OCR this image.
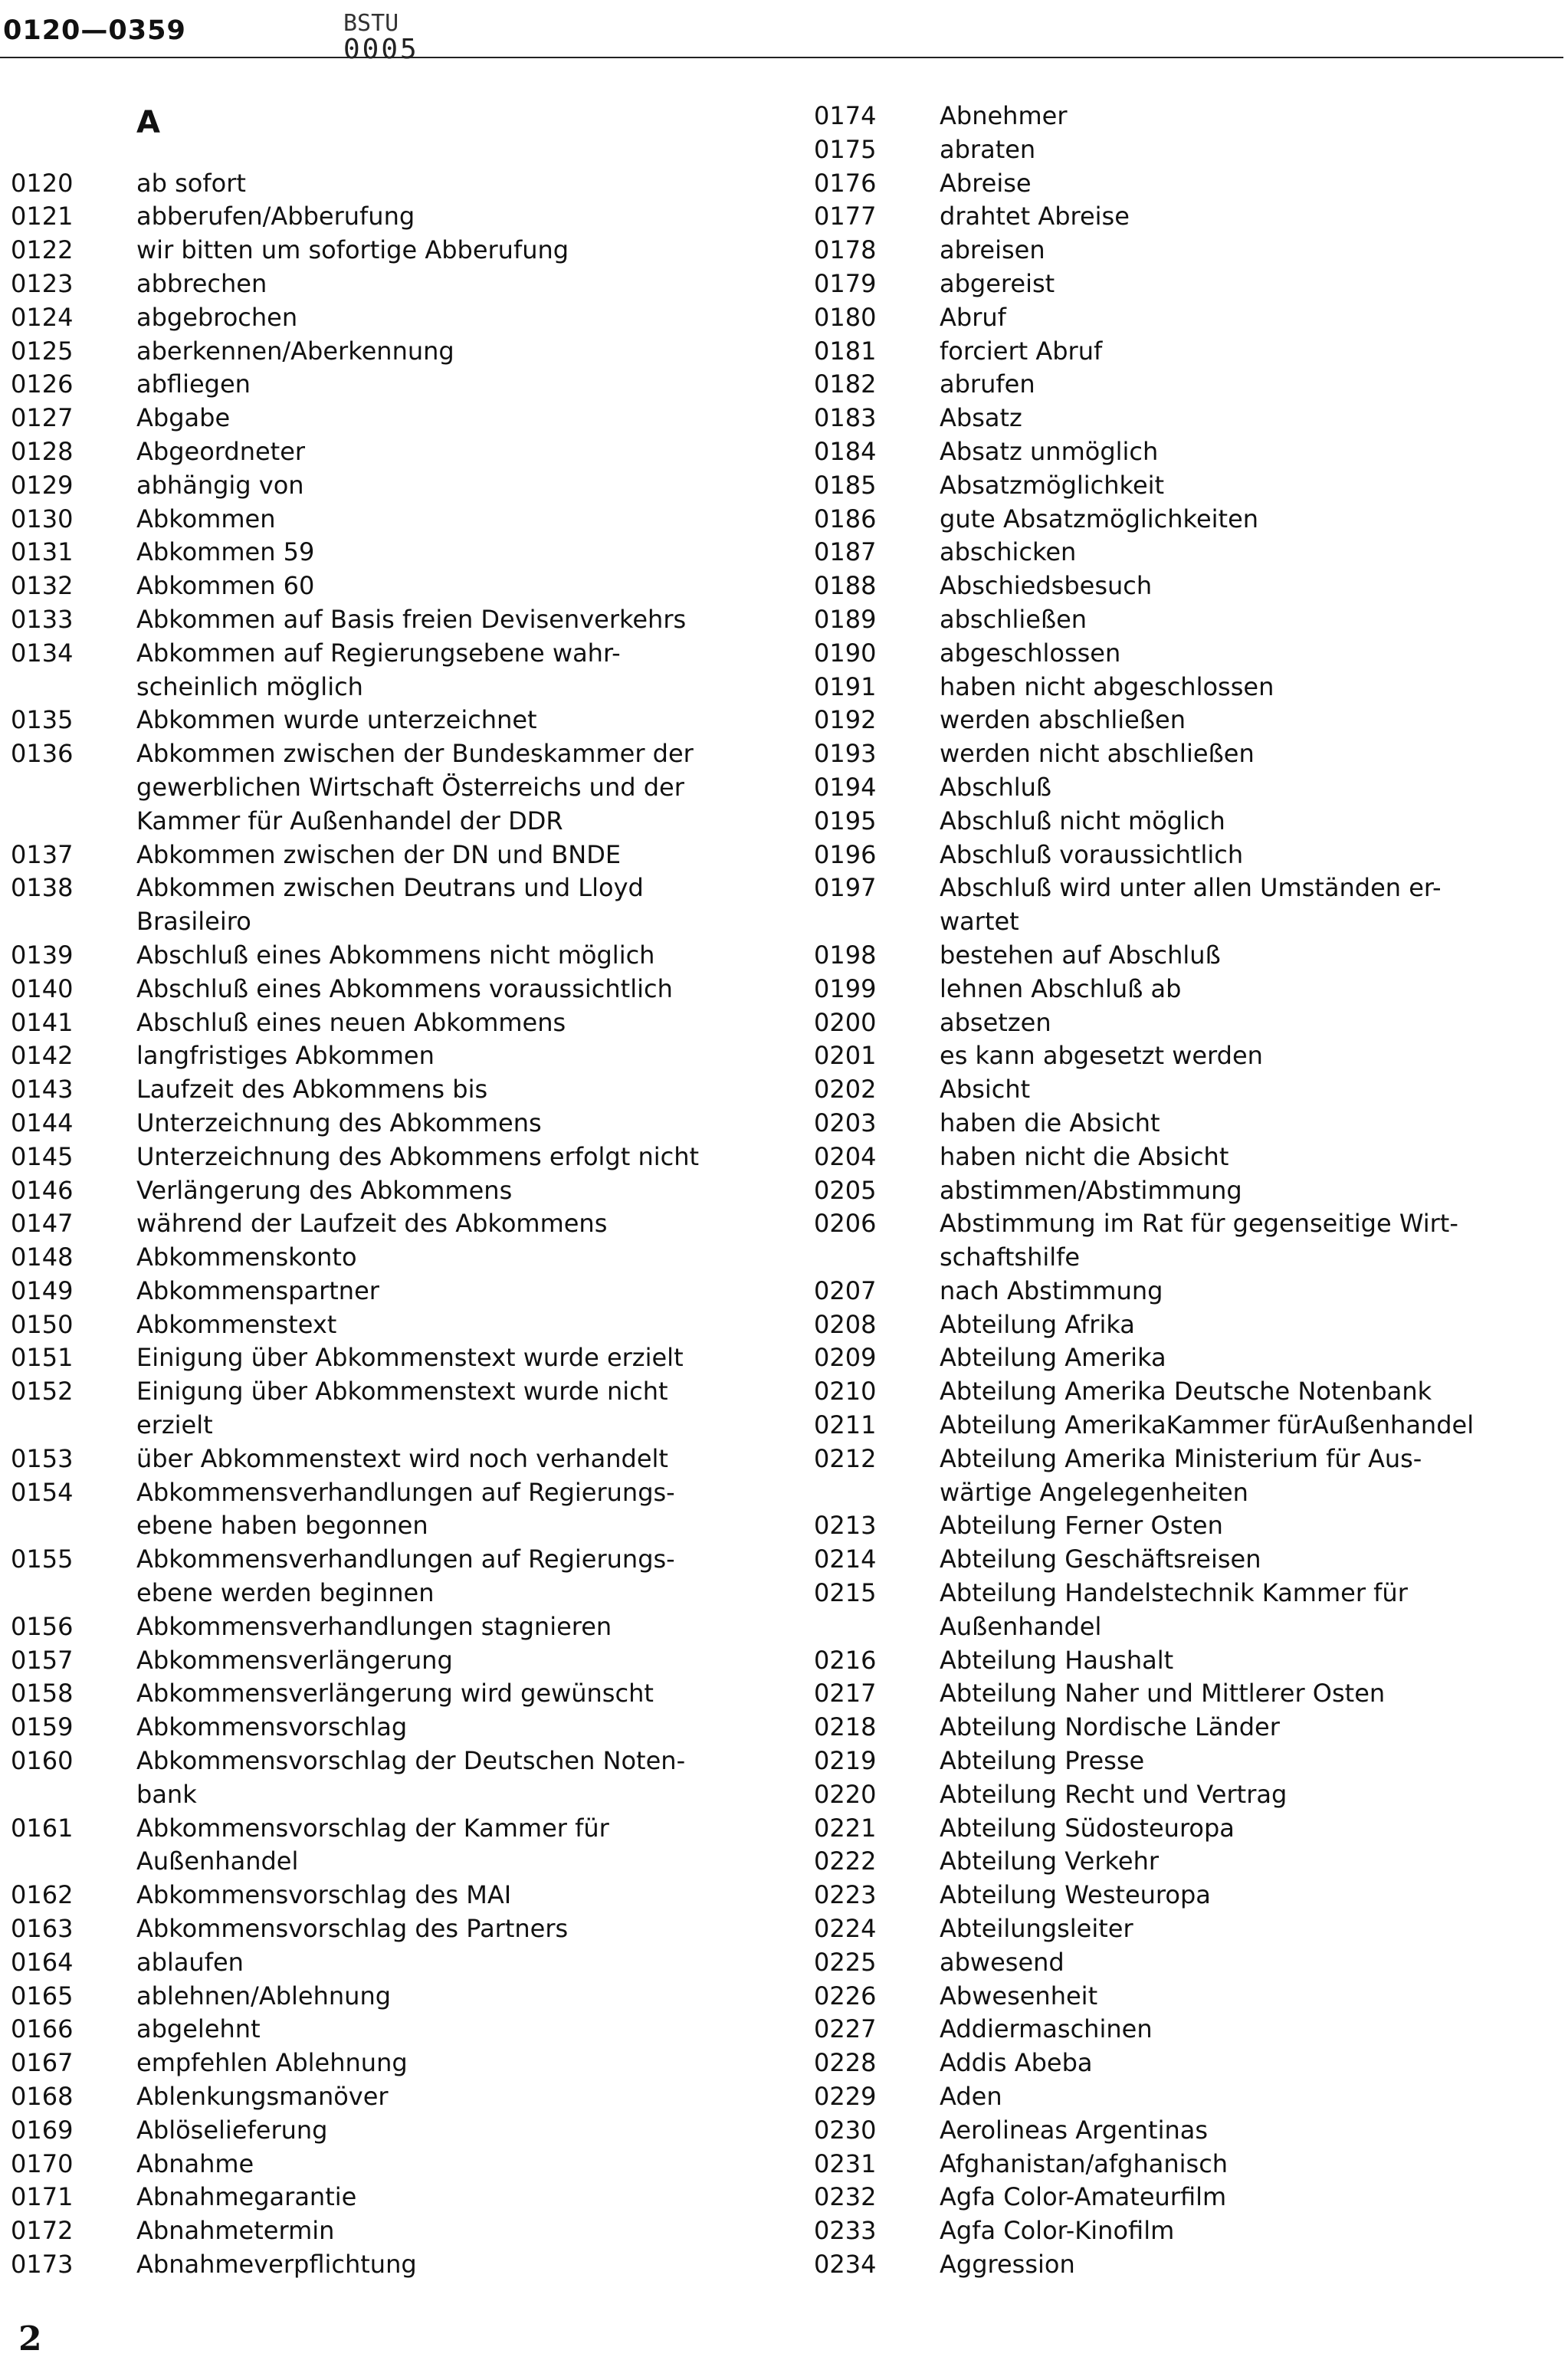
0120—0359	BSTU
0005
A
0120	ab sofort
0121	abberufen/Abberufung
0122	wir bitten um sofortige Abberufung
0123	abbrechen
0124	abgebrochen
0125	aberkennen/Aberkennung
0126	abfliegen
0127	Abgabe
0128	Abgeordneter
0129	abhängig von
0130	Abkommen
0131	Abkommen 59
0132	Abkommen 60
0133	Abkommen auf Basis freien Devisenverkehrs
0134	Abkommen auf Regierungsebene wahr-
scheinlich möglich
0135	Abkommen wurde unterzeichnet
0136	Abkommen zwischen der Bundeskammer der
gewerblichen Wirtschaft Österreichs und der
Kammer für Außenhandel der DDR
0137	Abkommen zwischen der DN und BNDE
0138	Abkommen zwischen Deutrans und Lloyd
Brasileiro
0139	Abschluß eines Abkommens nicht möglich
0140	Abschluß eines Abkommens voraussichtlich
0141	Abschluß eines neuen Abkommens
0142	langfristiges Abkommen
0143	Laufzeit des Abkommens bis
0144	Unterzeichnung des Abkommens
0145	Unterzeichnung des Abkommens erfolgt nicht
0146	Verlängerung des Abkommens
0147	während der Laufzeit des Abkommens
0148	Abkommenskonto
0149	Abkommenspartner
0150	Abkommenstext
0151	Einigung über Abkommenstext wurde erzielt
0152	Einigung über Abkommenstext wurde nicht
erzielt
0153	über Abkommenstext wird noch verhandelt
0154	Abkommensverhandlungen auf Regierungs-
ebene haben begonnen
0155	Abkommensverhandlungen auf Regierungs-
ebene werden beginnen
0156	Abkommensverhandlungen stagnieren
0157	Abkommensverlängerung
0158	Abkommensverlängerung wird gewünscht
0159	Abkommensvorschlag
0160	Abkommensvorschlag der Deutschen Noten-
bank
0161	Abkommensvorschlag der Kammer für
Außenhandel
0162	Abkommensvorschlag des MAI
0163	Abkommensvorschlag des Partners
0164	ablaufen
0165	ablehnen/Ablehnung
0166	abgelehnt
0167	empfehlen Ablehnung
0168	Ablenkungsmanöver
0169	Ablöselieferung
0170	Abnahme
0171	Abnahmegarantie
0172	Abnahmetermin
0173	Abnahmeverpflichtung
0174	Abnehmer
0175	abraten
0176	Abreise
0177	drahtet Abreise
0178	abreisen
0179	abgereist
0180	Abruf
0181	forciert Abruf
0182	abrufen
0183	Absatz
0184	Absatz unmöglich
0185	Absatzmöglichkeit
0186	gute Absatzmöglichkeiten
0187	abschicken
0188	Abschiedsbesuch
0189	abschließen
0190	abgeschlossen
0191	haben nicht abgeschlossen
0192	werden abschließen
0193	werden nicht abschließen
0194	Abschluß
0195	Abschluß nicht möglich
0196	Abschluß voraussichtlich
0197	Abschluß wird unter allen Umständen er-
wartet
0198	bestehen auf Abschluß
0199	lehnen Abschluß ab
0200	absetzen
0201	es kann abgesetzt werden
0202	Absicht
0203	haben die Absicht
0204	haben nicht die Absicht
0205	abstimmen/Abstimmung
0206	Abstimmung im Rat für gegenseitige Wirt-
schaftshilfe
0207	nach Abstimmung
0208	Abteilung Afrika
0209	Abteilung Amerika
0210	Abteilung Amerika Deutsche Notenbank
0211	Abteilung AmerikaKammer fürAußenhandel
0212	Abteilung Amerika Ministerium für Aus-
wärtige Angelegenheiten
0213	Abteilung Ferner Osten
0214	Abteilung Geschäftsreisen
0215	Abteilung Handelstechnik Kammer für
Außenhandel
0216	Abteilung Haushalt
0217	Abteilung Naher und Mittlerer Osten
0218	Abteilung Nordische Länder
0219	Abteilung Presse
0220	Abteilung Recht und Vertrag
0221	Abteilung Südosteuropa
0222	Abteilung Verkehr
0223	Abteilung Westeuropa
0224	Abteilungsleiter
0225	abwesend
0226	Abwesenheit
0227	Addiermaschinen
0228	Addis Abeba
0229	Aden
0230	Aerolineas Argentinas
0231	Afghanistan/afghanisch
0232	Agfa Color-Amateurfilm
0233	Agfa Color-Kinofilm
0234	Aggression
2
